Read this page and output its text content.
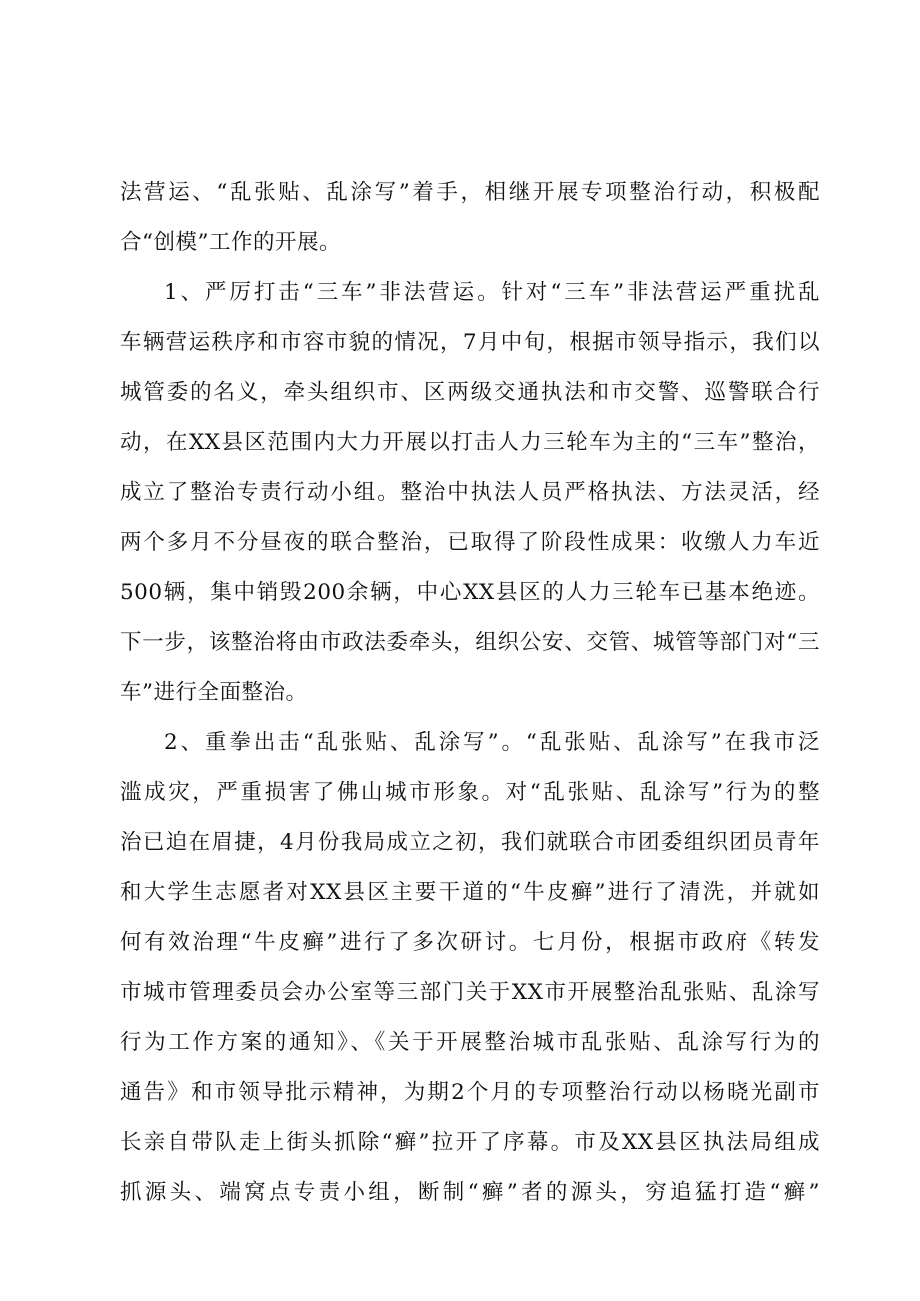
法营运、“乱张贴、乱涂写”着手，相继开展专项整治行动，积极配
合“创模”工作的开展。
1、严厉打击“三车”非法营运。针对“三车”非法营运严重扰乱
车辆营运秩序和市容市貌的情况，7月中旬，根据市领导指示，我们以
城管委的名义，牵头组织市、区两级交通执法和市交警、巡警联合行
动，在XX县区范围内大力开展以打击人力三轮车为主的“三车”整治，
成立了整治专责行动小组。整治中执法人员严格执法、方法灵活，经
两个多月不分昼夜的联合整治，已取得了阶段性成果：收缴人力车近
500辆，集中销毁200余辆，中心XX县区的人力三轮车已基本绝迹。
下一步，该整治将由市政法委牵头，组织公安、交管、城管等部门对“三
车”进行全面整治。
2、重拳出击“乱张贴、乱涂写”。“乱张贴、乱涂写”在我市泛
滥成灾，严重损害了佛山城市形象。对“乱张贴、乱涂写”行为的整
治已迫在眉捷，4月份我局成立之初，我们就联合市团委组织团员青年
和大学生志愿者对XX县区主要干道的“牛皮癣”进行了清洗，并就如
何有效治理“牛皮癣”进行了多次研讨。七月份，根据市政府《转发
市城市管理委员会办公室等三部门关于XX市开展整治乱张贴、乱涂写
行为工作方案的通知》、《关于开展整治城市乱张贴、乱涂写行为的
通告》和市领导批示精神，为期2个月的专项整治行动以杨晓光副市
长亲自带队走上街头抓除“癣”拉开了序幕。市及XX县区执法局组成
抓源头、端窝点专责小组，断制“癣”者的源头，穷追猛打造“癣”
